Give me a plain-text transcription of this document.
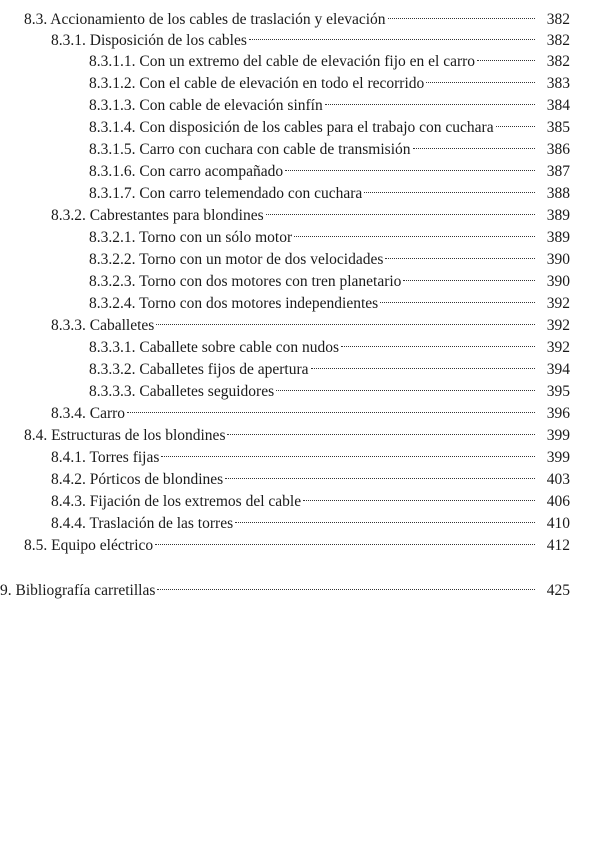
8.3. Accionamiento de los cables de traslación y elevación	382
8.3.1. Disposición de los cables	382
8.3.1.1. Con un extremo del cable de elevación fijo en el carro	382
8.3.1.2. Con el cable de elevación en todo el recorrido	383
8.3.1.3. Con cable de elevación sinfín	384
8.3.1.4. Con disposición de los cables para el trabajo con cuchara	385
8.3.1.5. Carro con cuchara con cable de transmisión	386
8.3.1.6. Con carro acompañado	387
8.3.1.7. Con carro telemendado con cuchara	388
8.3.2. Cabrestantes para blondines	389
8.3.2.1. Torno con un sólo motor	389
8.3.2.2. Torno con un motor de dos velocidades	390
8.3.2.3. Torno con dos motores con tren planetario	390
8.3.2.4. Torno con dos motores independientes	392
8.3.3. Caballetes	392
8.3.3.1. Caballete sobre cable con nudos	392
8.3.3.2. Caballetes fijos de apertura	394
8.3.3.3. Caballetes seguidores	395
8.3.4. Carro	396
8.4. Estructuras de los blondines	399
8.4.1. Torres fijas	399
8.4.2. Pórticos de blondines	403
8.4.3. Fijación de los extremos del cable	406
8.4.4. Traslación de las torres	410
8.5. Equipo eléctrico	412
9. Bibliografía carretillas	425
